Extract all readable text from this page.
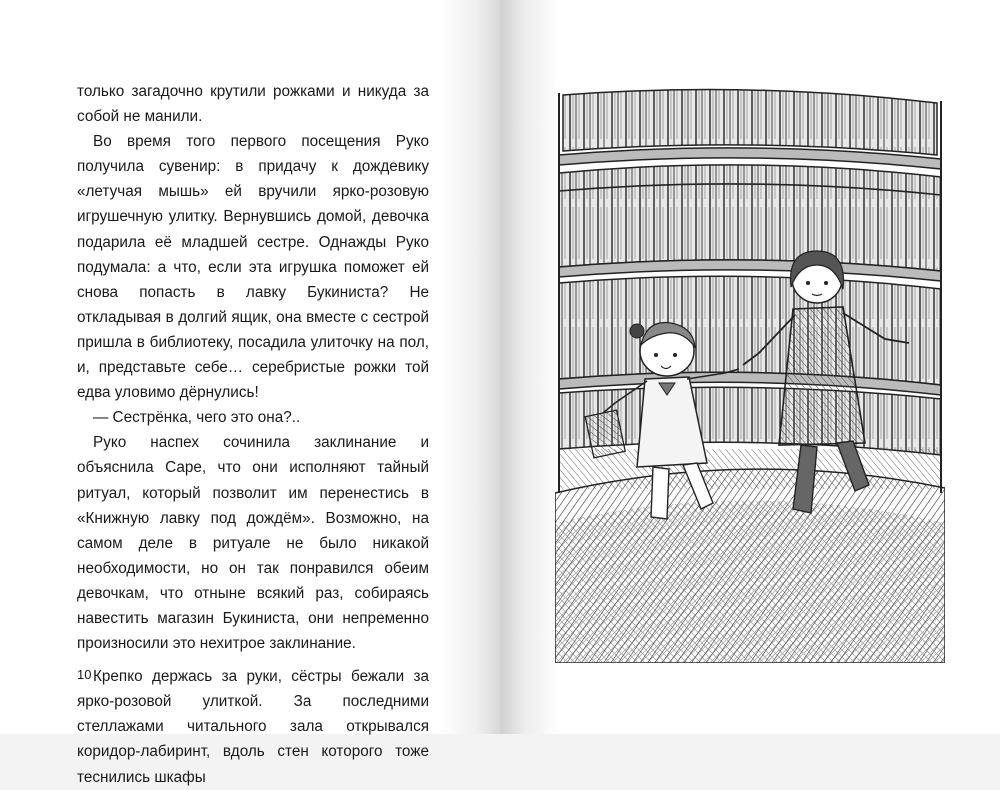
только загадочно крутили рожками и никуда за собой не манили.

Во время того первого посещения Руко получила сувенир: в придачу к дождевику «летучая мышь» ей вручили ярко-розовую игрушечную улитку. Вернувшись домой, девочка подарила её младшей сестре. Однажды Руко подумала: а что, если эта игрушка поможет ей снова попасть в лавку Букиниста? Не откладывая в долгий ящик, она вместе с сестрой пришла в библиотеку, посадила улиточку на пол, и, представьте себе… серебристые рожки той едва уловимо дёрнулись!

— Сестрёнка, чего это она?..

Руко наспех сочинила заклинание и объяснила Саре, что они исполняют тайный ритуал, который позволит им перенестись в «Книжную лавку под дождём». Возможно, на самом деле в ритуале не было никакой необходимости, но он так понравился обеим девочкам, что отныне всякий раз, собираясь навестить магазин Букиниста, они непременно произносили это нехитрое заклинание.

Крепко держась за руки, сёстры бежали за ярко-розовой улиткой. За последними стеллажами читального зала открывался коридор-лабиринт, вдоль стен которого тоже теснились шкафы

10
